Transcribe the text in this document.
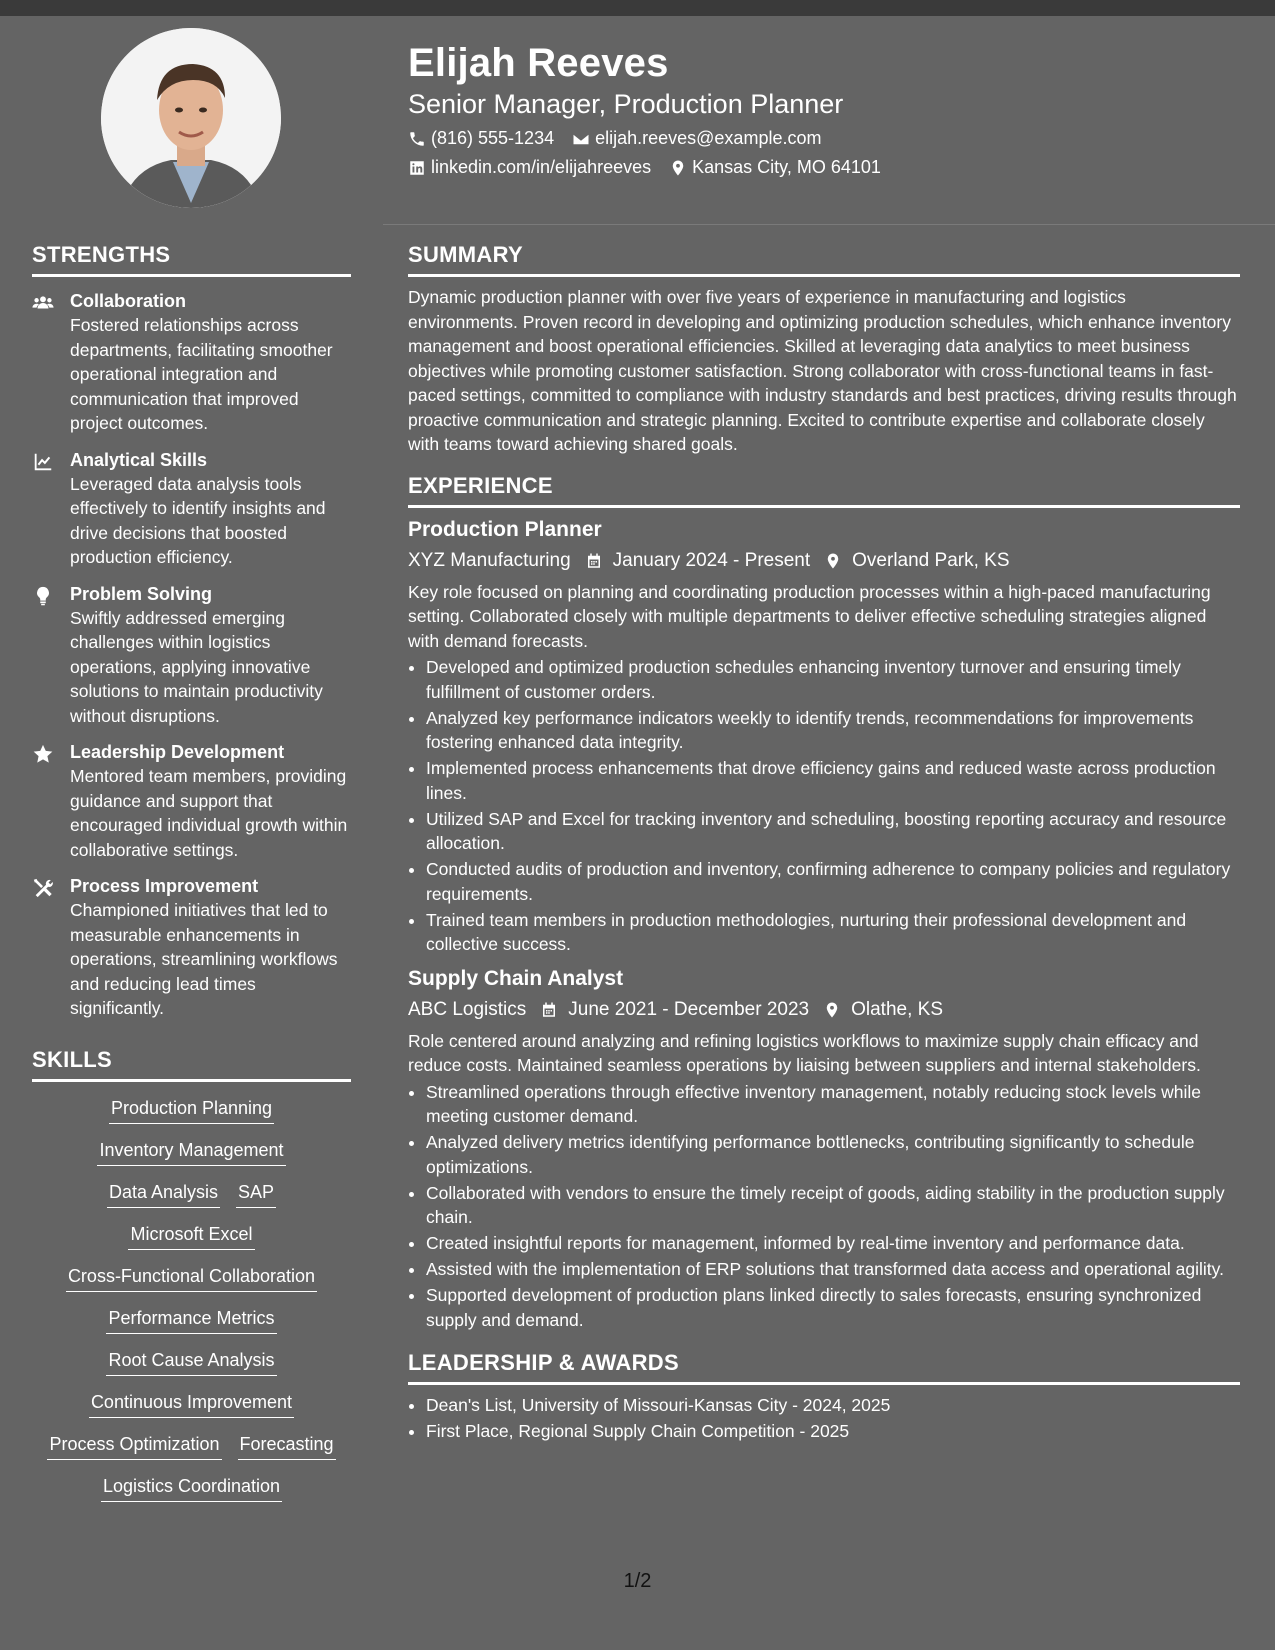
Elijah Reeves
Senior Manager, Production Planner
(816) 555-1234 elijah.reeves@example.com
linkedin.com/in/elijahreeves Kansas City, MO 64101
STRENGTHS
Collaboration
Fostered relationships across departments, facilitating smoother operational integration and communication that improved project outcomes.
Analytical Skills
Leveraged data analysis tools effectively to identify insights and drive decisions that boosted production efficiency.
Problem Solving
Swiftly addressed emerging challenges within logistics operations, applying innovative solutions to maintain productivity without disruptions.
Leadership Development
Mentored team members, providing guidance and support that encouraged individual growth within collaborative settings.
Process Improvement
Championed initiatives that led to measurable enhancements in operations, streamlining workflows and reducing lead times significantly.
SKILLS
Production Planning
Inventory Management
Data Analysis SAP
Microsoft Excel
Cross-Functional Collaboration
Performance Metrics
Root Cause Analysis
Continuous Improvement
Process Optimization Forecasting
Logistics Coordination
SUMMARY

Dynamic production planner with over five years of experience in manufacturing and logistics environments. Proven record in developing and optimizing production schedules, which enhance inventory management and boost operational efficiencies. Skilled at leveraging data analytics to meet business objectives while promoting customer satisfaction. Strong collaborator with cross-functional teams in fast-paced settings, committed to compliance with industry standards and best practices, driving results through proactive communication and strategic planning. Excited to contribute expertise and collaborate closely with teams toward achieving shared goals.

EXPERIENCE
Production Planner
XYZ Manufacturing January 2024 - Present Overland Park, KS

Key role focused on planning and coordinating production processes within a high-paced manufacturing setting. Collaborated closely with multiple departments to deliver effective scheduling strategies aligned with demand forecasts.

• Developed and optimized production schedules enhancing inventory turnover and ensuring timely fulfillment of customer orders.
• Analyzed key performance indicators weekly to identify trends, recommendations for improvements fostering enhanced data integrity.
• Implemented process enhancements that drove efficiency gains and reduced waste across production lines.
• Utilized SAP and Excel for tracking inventory and scheduling, boosting reporting accuracy and resource allocation.
• Conducted audits of production and inventory, confirming adherence to company policies and regulatory requirements.
• Trained team members in production methodologies, nurturing their professional development and collective success.
Supply Chain Analyst
ABC Logistics June 2021 - December 2023 Olathe, KS

Role centered around analyzing and refining logistics workflows to maximize supply chain efficacy and reduce costs. Maintained seamless operations by liaising between suppliers and internal stakeholders.

• Streamlined operations through effective inventory management, notably reducing stock levels while meeting customer demand.
• Analyzed delivery metrics identifying performance bottlenecks, contributing significantly to schedule optimizations.
• Collaborated with vendors to ensure the timely receipt of goods, aiding stability in the production supply chain.
• Created insightful reports for management, informed by real-time inventory and performance data.
• Assisted with the implementation of ERP solutions that transformed data access and operational agility.
• Supported development of production plans linked directly to sales forecasts, ensuring synchronized supply and demand.
LEADERSHIP & AWARDS
• Dean's List, University of Missouri-Kansas City - 2024, 2025
• First Place, Regional Supply Chain Competition - 2025
1/2
